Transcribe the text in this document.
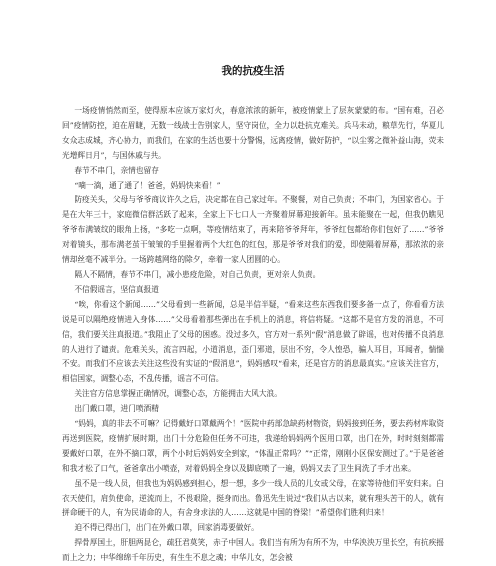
我的抗疫生活

一场疫情悄然而至，使得原本应该万家灯火，春意浓浓的新年，被疫情蒙上了层灰蒙蒙的布。“国有难，召必回”疫情防控，迫在眉睫，无数一线战士告别家人，坚守岗位，全力以赴抗克难关。兵马未动，粮草先行，华夏儿女众志成城，齐心协力，而我们，在家的生活也要十分警惕，远离疫情，做好防护，“以尘雾之微补益山海，荧未光增辉日月”，与国休戚与共。

春节不串门，亲情也留存

“嘀一滴，通了通了！爸爸，妈妈快来看！”

防疫关头，父母与爷爷商议许久之后，决定都在自己家过年。不聚餐，对自己负责；不串门，为国家省心。于是在大年三十，家庭微信群活跃了起来，全家上下七口人一齐聚着屏幕迎接新年。虽未能聚在一起，但我仍瞧见爷爷布满皱纹的眼角上扬，“多吃一点啊，等疫情结束了，再来陪爷爷拜年，爷爷红包都给你们包好了……”爷爷对着镜头，那布满老茧干皱皱的手里握着两个大红色的红包，那是爷爷对我们的爱，即使隔着屏幕，那浓浓的亲情却丝毫不减半分。一场跨越网络的除夕，牵着一家人团圆的心。

隔人不隔情，春节不串门，减小患疫危险，对自己负责，更对亲人负责。

不信假谣言，坚信真报道

“唉，你看这个新闻……”父母看到一些新闻，总是半信半疑，“看来这些东西我们要多备一点了，你看看方法说是可以隔绝疫情进入身体……”父母看着那些弹出在手机上的消息，将信将疑。“这都不是官方发的消息，不可信，我们要关注真报道。”我阻止了父母的困惑。没过多久，官方对一系列“假”消息做了辟谣，也对传播不良消息的人进行了谴责。危难关头，流言四起，小道消息，歪门邪道，层出不穷，令人惶恐，骗人耳目，耳闻者，惴惴不安。而我们不应该去关注这些没有实证的“假消息”，妈妈感叹“看来，还是官方的消息最真实。”应该关注官方，相信国家，调整心态，不乱传播，谣言不可信。

关注官方信息掌握正确情况，调整心态，方能拥击大风大浪。

出门戴口罩，进门喷酒精

“妈妈，真的非去不可嘛？记得戴好口罩戴两个！”医院中药部急缺药材物资，妈妈接到任务，要去药材库取资再送到医院，疫情扩展时期，出门十分危险但任务不可违，我递给妈妈两个医用口罩，出门在外，时时刻刻都需要戴好口罩，在外不摘口罩，两个小时后妈妈安全到家，“体温正常吗？”“正常，刚刚小区保安测过了。”于是爸爸和我才松了口气，爸爸拿出小喷壶，对着妈妈全身以及脚底喷了一遍，妈妈又去了卫生间洗了手才出来。

虽不是一线人员，但我也为妈妈感到担心，想一想，多少一线人员的儿女或父母，在家等待他们平安归来。白衣天使们，肩负使命，逆流而上，不畏艰险，挺身而出。鲁迅先生说过“我们从古以来，就有理头苦干的人，就有拼命硬干的人，有为民请命的人，有舍身求法的人……这就是中国的脊梁！”希望你们胜利归来！

迫不得已得出门，出门在外戴口罩，回家消毒要做好。

捍骨厚国土，肝胆两昆仑，疏狂君莫笑，赤子中国人。我们当有所为有所不为，中华泱泱万里长空，有抗疾摇而上之力；中华绵绵千年历史，有生生不息之魂；中华儿女，怎会被
